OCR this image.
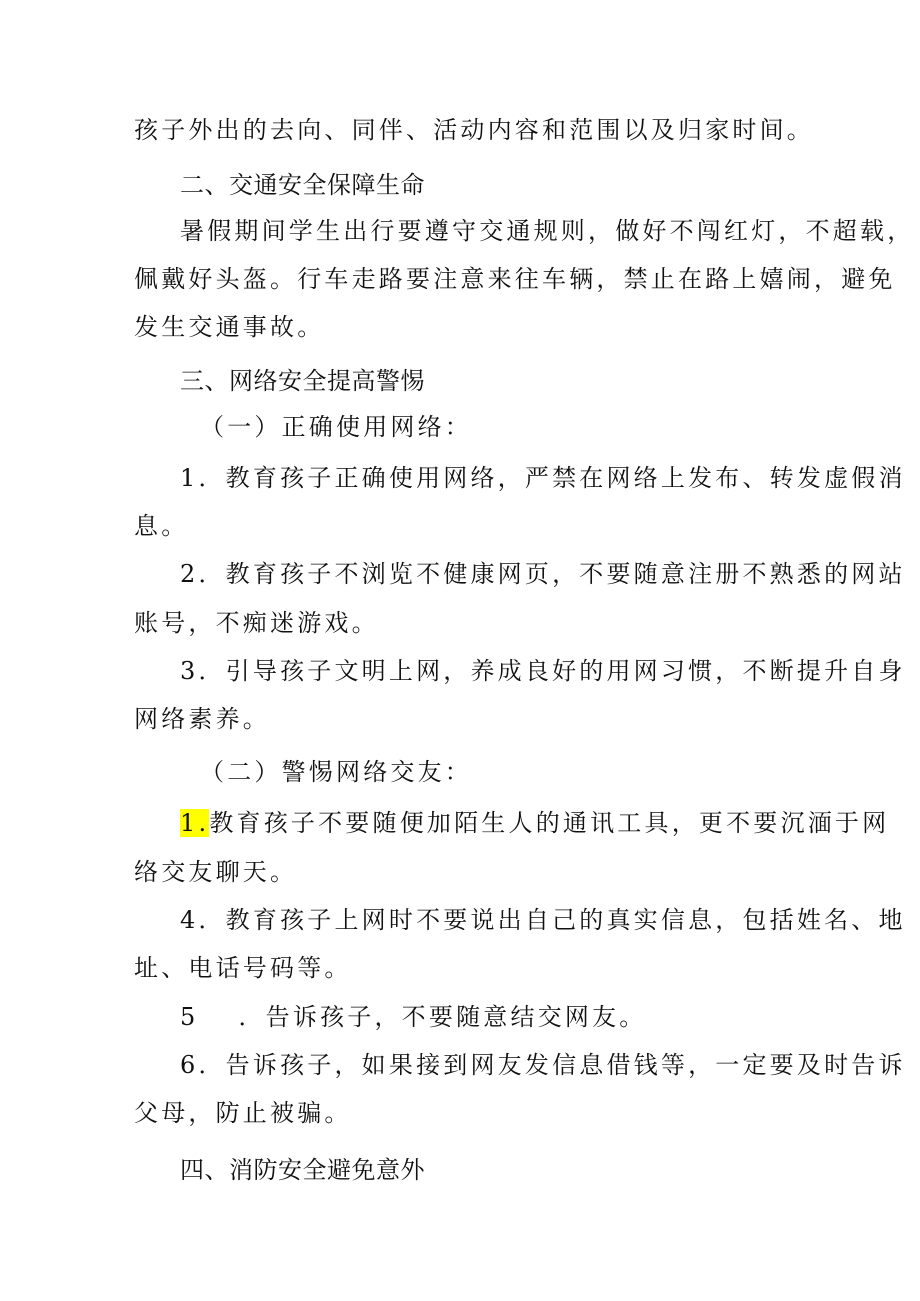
孩子外出的去向、同伴、活动内容和范围以及归家时间。
二、交通安全保障生命
暑假期间学生出行要遵守交通规则，做好不闯红灯，不超载，
佩戴好头盔。行车走路要注意来往车辆，禁止在路上嬉闹，避免
发生交通事故。
三、网络安全提高警惕
（一）正确使用网络：
1．教育孩子正确使用网络，严禁在网络上发布、转发虚假消
息。
2．教育孩子不浏览不健康网页，不要随意注册不熟悉的网站
账号，不痴迷游戏。
3．引导孩子文明上网，养成良好的用网习惯，不断提升自身
网络素养。
（二）警惕网络交友：
1.教育孩子不要随便加陌生人的通讯工具，更不要沉湎于网
络交友聊天。
4．教育孩子上网时不要说出自己的真实信息，包括姓名、地
址、电话号码等。
5 ．告诉孩子，不要随意结交网友。
6．告诉孩子，如果接到网友发信息借钱等，一定要及时告诉
父母，防止被骗。
四、消防安全避免意外
